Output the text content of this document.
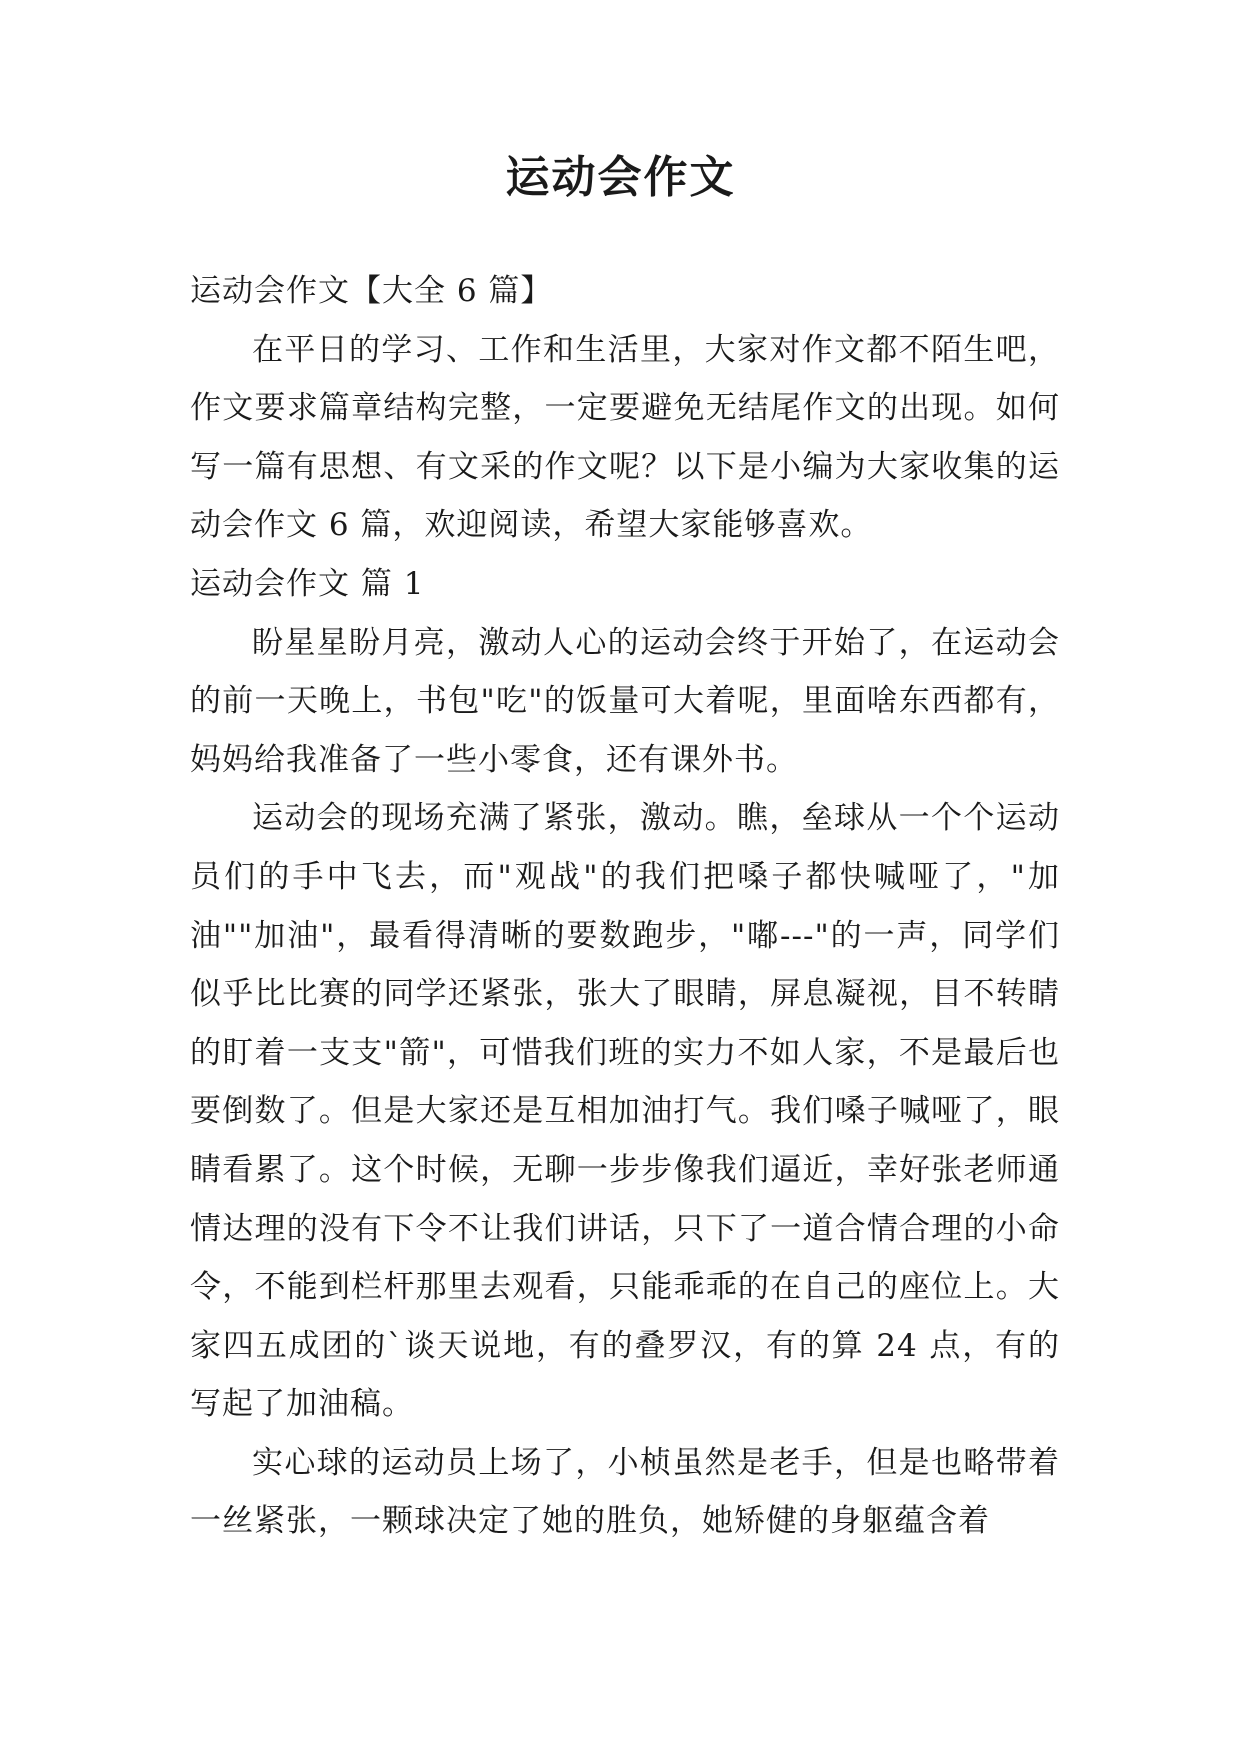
运动会作文

运动会作文【大全 6 篇】

在平日的学习、工作和生活里，大家对作文都不陌生吧，作文要求篇章结构完整，一定要避免无结尾作文的出现。如何写一篇有思想、有文采的作文呢？以下是小编为大家收集的运动会作文 6 篇，欢迎阅读，希望大家能够喜欢。

运动会作文 篇 1

盼星星盼月亮，激动人心的运动会终于开始了，在运动会的前一天晚上，书包"吃"的饭量可大着呢，里面啥东西都有，妈妈给我准备了一些小零食，还有课外书。

运动会的现场充满了紧张，激动。瞧，垒球从一个个运动员们的手中飞去，而"观战"的我们把嗓子都快喊哑了，"加油""加油"，最看得清晰的要数跑步，"嘟---"的一声，同学们似乎比比赛的同学还紧张，张大了眼睛，屏息凝视，目不转睛的盯着一支支"箭"，可惜我们班的实力不如人家，不是最后也要倒数了。但是大家还是互相加油打气。我们嗓子喊哑了，眼睛看累了。这个时候，无聊一步步像我们逼近，幸好张老师通情达理的没有下令不让我们讲话，只下了一道合情合理的小命令，不能到栏杆那里去观看，只能乖乖的在自己的座位上。大家四五成团的`谈天说地，有的叠罗汉，有的算 24 点，有的写起了加油稿。

实心球的运动员上场了，小桢虽然是老手，但是也略带着一丝紧张，一颗球决定了她的胜负，她矫健的身躯蕴含着
